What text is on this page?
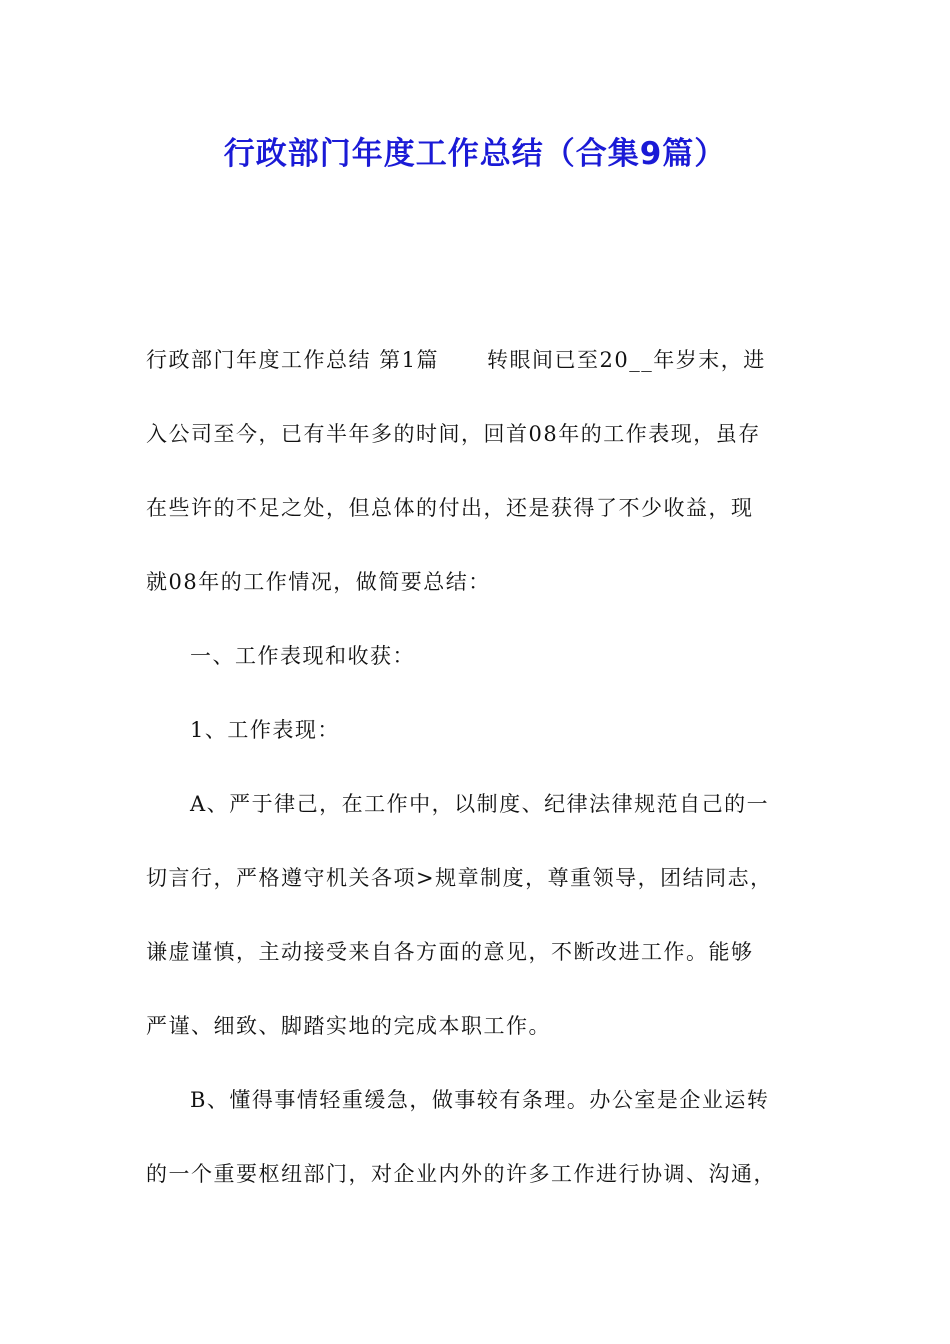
行政部门年度工作总结（合集9篇）
行政部门年度工作总结 第1篇 转眼间已至20__年岁末，进
入公司至今，已有半年多的时间，回首08年的工作表现，虽存
在些许的不足之处，但总体的付出，还是获得了不少收益，现
就08年的工作情况，做简要总结：
一、工作表现和收获：
1、工作表现：
A、严于律己，在工作中，以制度、纪律法律规范自己的一
切言行，严格遵守机关各项>规章制度，尊重领导，团结同志，
谦虚谨慎，主动接受来自各方面的意见，不断改进工作。能够
严谨、细致、脚踏实地的完成本职工作。
B、懂得事情轻重缓急，做事较有条理。办公室是企业运转
的一个重要枢纽部门，对企业内外的许多工作进行协调、沟通，
